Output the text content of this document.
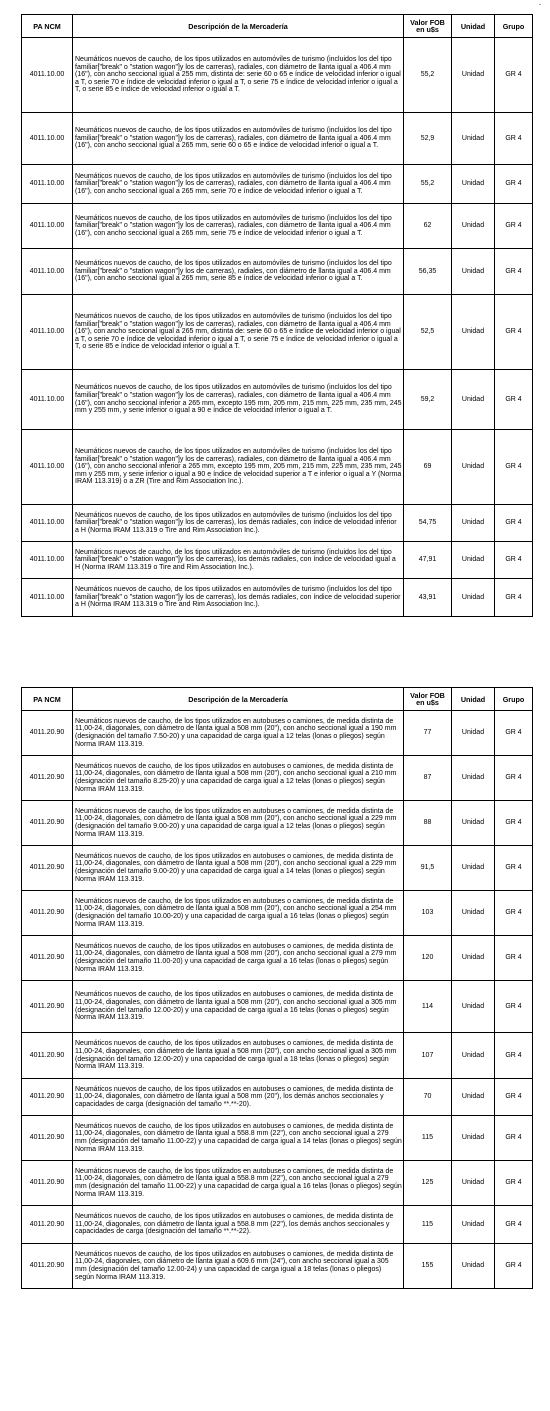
-
PA NCM	Descripción de la Mercadería	Valor FOB en u$s	Unidad	Grupo
4011.10.00	Neumáticos nuevos de caucho, de los tipos utilizados en automóviles de turismo (incluidos los del tipo familiar["break" o "station wagon"]y los de carreras), radiales, con diámetro de llanta igual a 406.4 mm (16"), con ancho seccional igual a 255 mm, distinta de: serie 60 o 65 e índice de velocidad inferior o igual a T, o serie 70 e índice de velocidad inferior o igual a T, o serie 75 e índice de velocidad inferior o igual a T, o serie 85 e índice de velocidad inferior o igual a T.	55,2	Unidad	GR 4
4011.10.00	Neumáticos nuevos de caucho, de los tipos utilizados en automóviles de turismo (incluidos los del tipo familiar["break" o "station wagon"]y los de carreras), radiales, con diámetro de llanta igual a 406.4 mm (16"), con ancho seccional igual a 265 mm, serie 60 o 65 e índice de velocidad inferior o igual a T.	52,9	Unidad	GR 4
4011.10.00	Neumáticos nuevos de caucho, de los tipos utilizados en automóviles de turismo (incluidos los del tipo familiar["break" o "station wagon"]y los de carreras), radiales, con diámetro de llanta igual a 406.4 mm (16"), con ancho seccional igual a 265 mm, serie 70 e índice de velocidad inferior o igual a T.	55,2	Unidad	GR 4
4011.10.00	Neumáticos nuevos de caucho, de los tipos utilizados en automóviles de turismo (incluidos los del tipo familiar["break" o "station wagon"]y los de carreras), radiales, con diámetro de llanta igual a 406.4 mm (16"), con ancho seccional igual a 265 mm, serie 75 e índice de velocidad inferior o igual a T.	62	Unidad	GR 4
4011.10.00	Neumáticos nuevos de caucho, de los tipos utilizados en automóviles de turismo (incluidos los del tipo familiar["break" o "station wagon"]y los de carreras), radiales, con diámetro de llanta igual a 406.4 mm (16"), con ancho seccional igual a 265 mm, serie 85 e índice de velocidad inferior o igual a T.	56,35	Unidad	GR 4
4011.10.00	Neumáticos nuevos de caucho, de los tipos utilizados en automóviles de turismo (incluidos los del tipo familiar["break" o "station wagon"]y los de carreras), radiales, con diámetro de llanta igual a 406.4 mm (16"), con ancho seccional igual a 265 mm, distinta de: serie 60 o 65 e índice de velocidad inferior o igual a T, o serie 70 e índice de velocidad inferior o igual a T, o serie 75 e índice de velocidad inferior o igual a T, o serie 85 e índice de velocidad inferior o igual a T.	52,5	Unidad	GR 4
4011.10.00	Neumáticos nuevos de caucho, de los tipos utilizados en automóviles de turismo (incluidos los del tipo familiar["break" o "station wagon"]y los de carreras), radiales, con diámetro de llanta igual a 406.4 mm (16"), con ancho seccional inferior a 265 mm, excepto 195 mm, 205 mm, 215 mm, 225 mm, 235 mm, 245 mm y 255 mm, y serie inferior o igual a 90 e índice de velocidad inferior o igual a T.	59,2	Unidad	GR 4
4011.10.00	Neumáticos nuevos de caucho, de los tipos utilizados en automóviles de turismo (incluidos los del tipo familiar["break" o "station wagon"]y los de carreras), radiales, con diámetro de llanta igual a 406.4 mm (16"), con ancho seccional inferior a 265 mm, excepto 195 mm, 205 mm, 215 mm, 225 mm, 235 mm, 245 mm y 255 mm, y serie inferior o igual a 90 e índice de velocidad superior a T e inferior o igual a Y (Norma IRAM 113.319) o a ZR (Tire and Rim Association Inc.).	69	Unidad	GR 4
4011.10.00	Neumáticos nuevos de caucho, de los tipos utilizados en automóviles de turismo (incluidos los del tipo familiar["break" o "station wagon"]y los de carreras), los demás radiales, con índice de velocidad inferior a H (Norma IRAM 113.319 o Tire and Rim Association Inc.).	54,75	Unidad	GR 4
4011.10.00	Neumáticos nuevos de caucho, de los tipos utilizados en automóviles de turismo (incluidos los del tipo familiar["break" o "station wagon"]y los de carreras), los demás radiales, con índice de velocidad igual a H (Norma IRAM 113.319 o Tire and Rim Association Inc.).	47,91	Unidad	GR 4
4011.10.00	Neumáticos nuevos de caucho, de los tipos utilizados en automóviles de turismo (incluidos los del tipo familiar["break" o "station wagon"]y los de carreras), los demás radiales, con índice de velocidad superior a H (Norma IRAM 113.319 o Tire and Rim Association Inc.).	43,91	Unidad	GR 4
PA NCM	Descripción de la Mercadería	Valor FOB en u$s	Unidad	Grupo
4011.20.90	Neumáticos nuevos de caucho, de los tipos utilizados en autobuses o camiones, de medida distinta de 11,00-24, diagonales, con diámetro de llanta igual a 508 mm (20"), con ancho seccional igual a 190 mm (designación del tamaño 7.50-20) y una capacidad de carga igual a 12 telas (lonas o pliegos) según Norma IRAM 113.319.	77	Unidad	GR 4
4011.20.90	Neumáticos nuevos de caucho, de los tipos utilizados en autobuses o camiones, de medida distinta de 11,00-24, diagonales, con diámetro de llanta igual a 508 mm (20"), con ancho seccional igual a 210 mm (designación del tamaño 8.25-20) y una capacidad de carga igual a 12 telas (lonas o pliegos) según Norma IRAM 113.319.	87	Unidad	GR 4
4011.20.90	Neumáticos nuevos de caucho, de los tipos utilizados en autobuses o camiones, de medida distinta de 11,00-24, diagonales, con diámetro de llanta igual a 508 mm (20"), con ancho seccional igual a 229 mm (designación del tamaño 9.00-20) y una capacidad de carga igual a 12 telas (lonas o pliegos) según Norma IRAM 113.319.	88	Unidad	GR 4
4011.20.90	Neumáticos nuevos de caucho, de los tipos utilizados en autobuses o camiones, de medida distinta de 11,00-24, diagonales, con diámetro de llanta igual a 508 mm (20"), con ancho seccional igual a 229 mm (designación del tamaño 9.00-20) y una capacidad de carga igual a 14 telas (lonas o pliegos) según Norma IRAM 113.319.	91,5	Unidad	GR 4
4011.20.90	Neumáticos nuevos de caucho, de los tipos utilizados en autobuses o camiones, de medida distinta de 11,00-24, diagonales, con diámetro de llanta igual a 508 mm (20"), con ancho seccional igual a 254 mm (designación del tamaño 10.00-20) y una capacidad de carga igual a 16 telas (lonas o pliegos) según Norma IRAM 113.319.	103	Unidad	GR 4
4011.20.90	Neumáticos nuevos de caucho, de los tipos utilizados en autobuses o camiones, de medida distinta de 11,00-24, diagonales, con diámetro de llanta igual a 508 mm (20"), con ancho seccional igual a 279 mm (designación del tamaño 11.00-20) y una capacidad de carga igual a 16 telas (lonas o pliegos) según Norma IRAM 113.319.	120	Unidad	GR 4
4011.20.90	Neumáticos nuevos de caucho, de los tipos utilizados en autobuses o camiones, de medida distinta de 11,00-24, diagonales, con diámetro de llanta igual a 508 mm (20"), con ancho seccional igual a 305 mm (designación del tamaño 12.00-20) y una capacidad de carga igual a 16 telas (lonas o pliegos) según Norma IRAM 113.319.	114	Unidad	GR 4
4011.20.90	Neumáticos nuevos de caucho, de los tipos utilizados en autobuses o camiones, de medida distinta de 11,00-24, diagonales, con diámetro de llanta igual a 508 mm (20"), con ancho seccional igual a 305 mm (designación del tamaño 12.00-20) y una capacidad de carga igual a 18 telas (lonas o pliegos) según Norma IRAM 113.319.	107	Unidad	GR 4
4011.20.90	Neumáticos nuevos de caucho, de los tipos utilizados en autobuses o camiones, de medida distinta de 11,00-24, diagonales, con diámetro de llanta igual a 508 mm (20"), los demás anchos seccionales y capacidades de carga (designación del tamaño **.**-20).	70	Unidad	GR 4
4011.20.90	Neumáticos nuevos de caucho, de los tipos utilizados en autobuses o camiones, de medida distinta de 11,00-24, diagonales, con diámetro de llanta igual a 558.8 mm (22"), con ancho seccional igual a 279 mm (designación del tamaño 11.00-22) y una capacidad de carga igual a 14 telas (lonas o pliegos) según Norma IRAM 113.319.	115	Unidad	GR 4
4011.20.90	Neumáticos nuevos de caucho, de los tipos utilizados en autobuses o camiones, de medida distinta de 11,00-24, diagonales, con diámetro de llanta igual a 558.8 mm (22"), con ancho seccional igual a 279 mm (designación del tamaño 11.00-22) y una capacidad de carga igual a 16 telas (lonas o pliegos) según Norma IRAM 113.319.	125	Unidad	GR 4
4011.20.90	Neumáticos nuevos de caucho, de los tipos utilizados en autobuses o camiones, de medida distinta de 11,00-24, diagonales, con diámetro de llanta igual a 558.8 mm (22"), los demás anchos seccionales y capacidades de carga (designación del tamaño **.**-22).	115	Unidad	GR 4
4011.20.90	Neumáticos nuevos de caucho, de los tipos utilizados en autobuses o camiones, de medida distinta de 11,00-24, diagonales, con diámetro de llanta igual a 609.6 mm (24"), con ancho seccional igual a 305 mm (designación del tamaño 12.00-24) y una capacidad de carga igual a 18 telas (lonas o pliegos) según Norma IRAM 113.319.	155	Unidad	GR 4
